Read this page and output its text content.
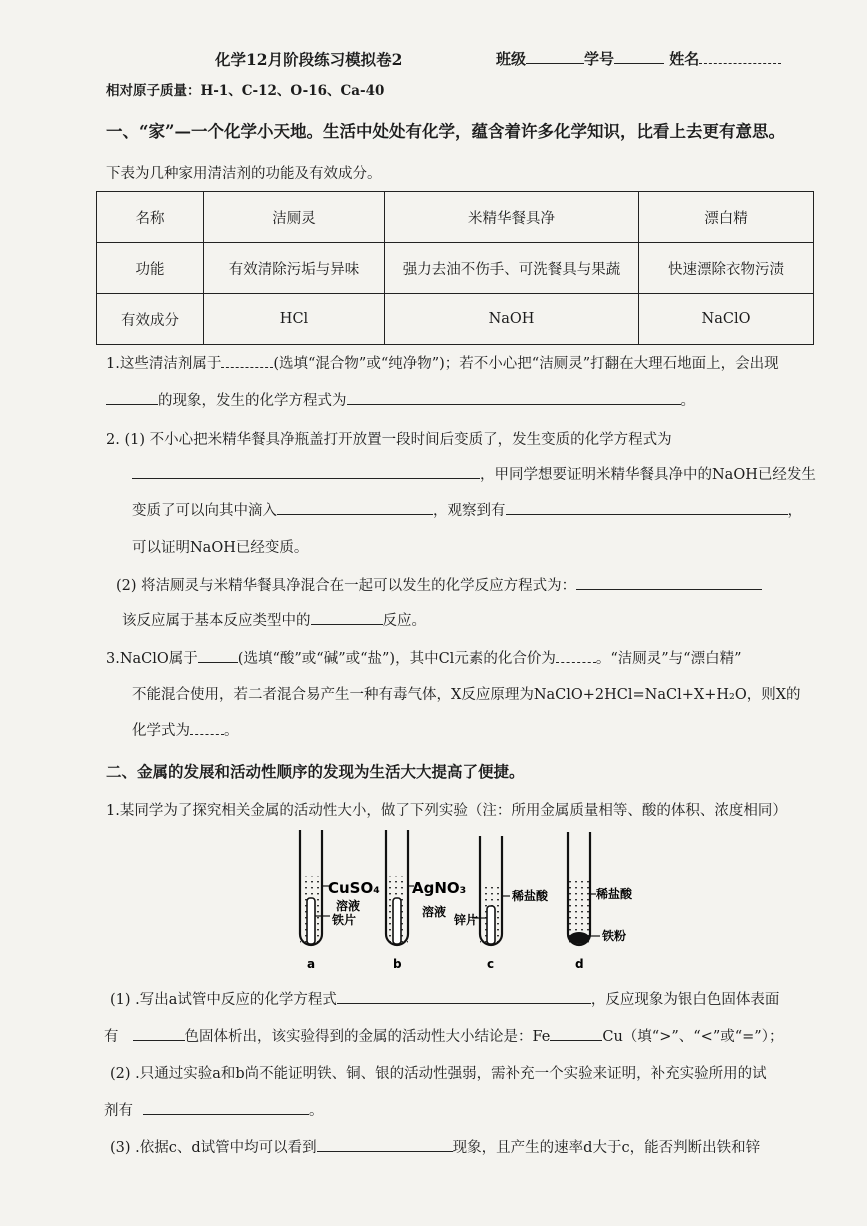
化学12月阶段练习模拟卷2	班级	学号	姓名
相对原子质量：H-1、C-12、O-16、Ca-40
一、“家”—一个化学小天地。生活中处处有化学，蕴含着许多化学知识，比看上去更有意思。
下表为几种家用清洁剂的功能及有效成分。
名称	洁厕灵	米精华餐具净	漂白精
功能	有效清除污垢与异味	强力去油不伤手、可洗餐具与果蔬	快速漂除衣物污渍
有效成分	HCl	NaOH	NaClO
1.这些清洁剂属于	(选填“混合物”或“纯净物”)；若不小心把“洁厕灵”打翻在大理石地面上，会出现
的现象，发生的化学方程式为	。
2. (1) 不小心把米精华餐具净瓶盖打开放置一段时间后变质了，发生变质的化学方程式为
，甲同学想要证明米精华餐具净中的NaOH已经发生
变质了可以向其中滴入	，观察到有	，
可以证明NaOH已经变质。
(2) 将洁厕灵与米精华餐具净混合在一起可以发生的化学反应方程式为：
该反应属于基本反应类型中的	反应。
3.NaClO属于	(选填“酸”或“碱”或“盐”)，其中Cl元素的化合价为	。“洁厕灵”与“漂白精”
不能混合使用，若二者混合易产生一种有毒气体，X反应原理为NaClO+2HCl=NaCl+X+H₂O，则X的
化学式为 。
二、金属的发展和活动性顺序的发现为生活大大提高了便捷。
1.某同学为了探究相关金属的活动性大小，做了下列实验（注：所用金属质量相等、酸的体积、浓度相同）
CuSO₄
溶液
铁片
AgNO₃
溶液
锌片
稀盐酸	稀盐酸
铁粉
a	b	c	d
(1) .写出a试管中反应的化学方程式	，反应现象为银白色固体表面
有	色固体析出，该实验得到的金属的活动性大小结论是：Fe	Cu（填“>”、“<”或“=”）；
(2) .只通过实验a和b尚不能证明铁、铜、银的活动性强弱，需补充一个实验来证明，补充实验所用的试
剂有	。
(3) .依据c、d试管中均可以看到	现象，且产生的速率d大于c，能否判断出铁和锌
